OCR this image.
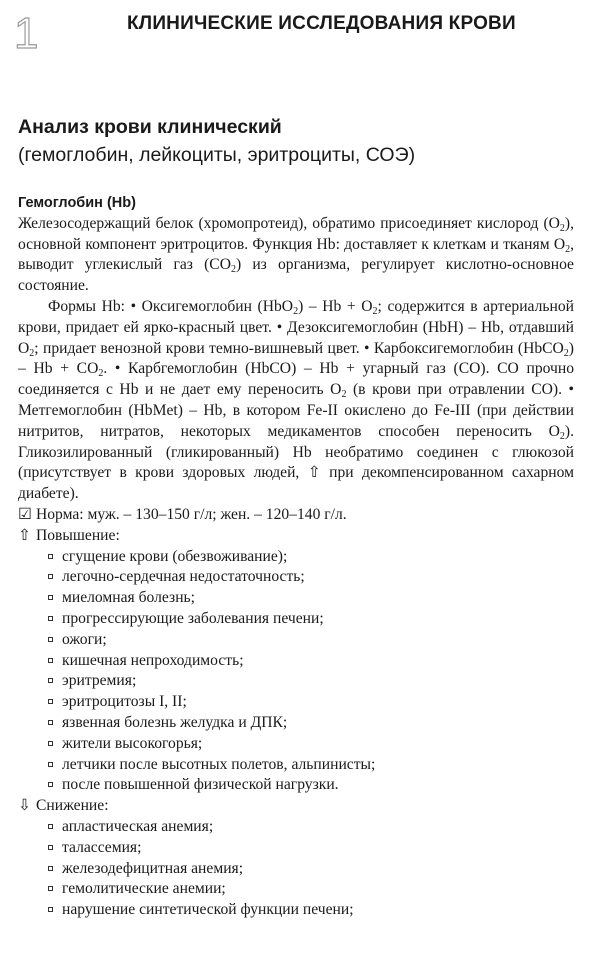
1	КЛИНИЧЕСКИЕ ИССЛЕДОВАНИЯ КРОВИ
Анализ крови клинический
(гемоглобин, лейкоциты, эритроциты, СОЭ)
Гемоглобин (Hb)

Железосодержащий белок (хромопротеид), обратимо присоединяет кислород $(O_2)$, основной компонент эритроцитов. Функция Hb: доставляет к клеткам и тканям $O_2$, выводит углекислый газ $(CO_2)$ из организма, регулирует кислотно-основное состояние.

Формы Hb: • Оксигемоглобин $(HbO_2) - Hb + O_2$; содержится в артериальной крови, придает ей ярко-красный цвет. • Дезоксигемоглобин (HbH) – Hb, отдавший $O_2$; придает венозной крови темно-вишневый цвет. • Карбоксигемоглобин (HbCO$_2$) – $Hb + CO_2$. • Карбгемоглобин (HbCO) – Hb + угарный газ (CO). CO прочно соединяется с Hb и не дает ему переносить $O_2$ (в крови при отравлении CO). • Метгемоглобин (HbMet) – Hb, в котором Fe-II окислено до Fe-III (при действии нитритов, нитратов, некоторых медикаментов способен переносить $O_2$). Гликозилированный (гликированный) Hb необратимо соединен с глюкозой (присутствует в крови здоровых людей, ⇧ при декомпенсированном сахарном диабете).

☑ Норма: муж. – 130–150 г/л; жен. – 120–140 г/л.
⇧ Повышение:
сгущение крови (обезвоживание);
легочно-сердечная недостаточность;
миеломная болезнь;
прогрессирующие заболевания печени;
ожоги;
кишечная непроходимость;
эритремия;
эритроцитозы I, II;
язвенная болезнь желудка и ДПК;
жители высокогорья;
летчики после высотных полетов, альпинисты;
после повышенной физической нагрузки.
⇩ Снижение:
апластическая анемия;
талассемия;
железодефицитная анемия;
гемолитические анемии;
нарушение синтетической функции печени;
